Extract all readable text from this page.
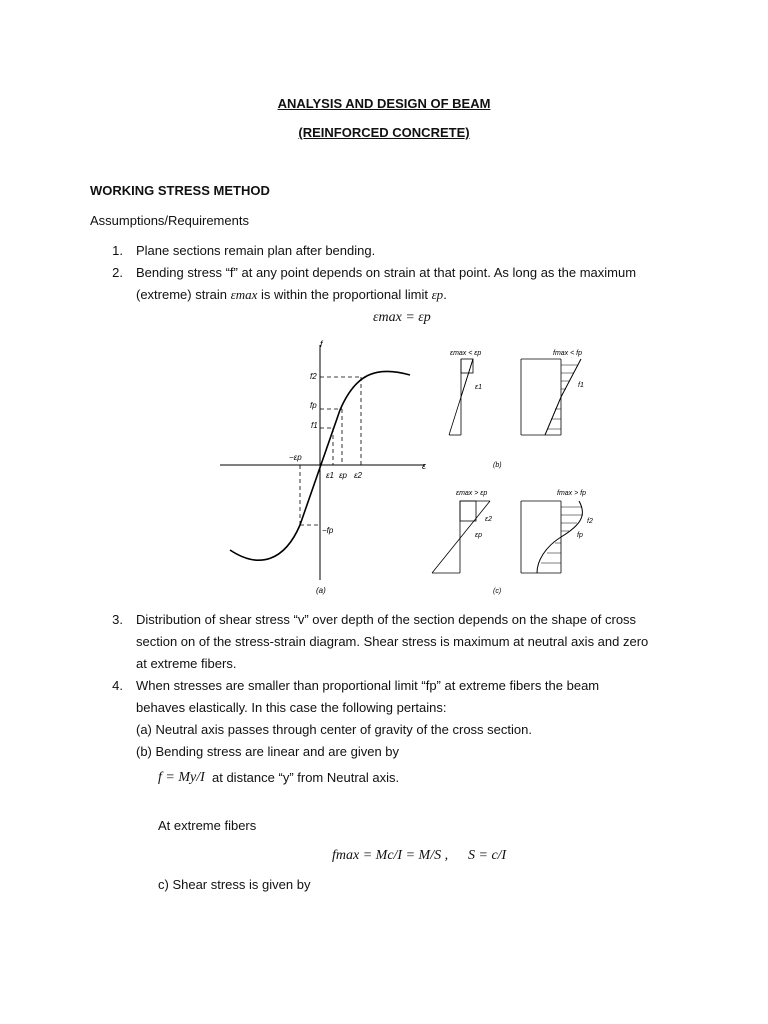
ANALYSIS AND DESIGN OF BEAM
(REINFORCED CONCRETE)
WORKING STRESS METHOD
Assumptions/Requirements
1. Plane sections remain plan after bending.
2. Bending stress “f” at any point depends on strain at that point. As long as the maximum
(extreme) strain εmax is within the proportional limit εp.
εmax = εp
f
ε
f2
fp
f1
−εp
−fp
ε1 εp ε2
(a)
εmax < εp
ε1
fmax < fp
f1
(b)
εmax > εp
ε2
εp
fmax > fp
f2
fp
(c)
3. Distribution of shear stress “v” over depth of the section depends on the shape of cross
section on of the stress-strain diagram. Shear stress is maximum at neutral axis and zero
at extreme fibers.
4. When stresses are smaller than proportional limit “fp” at extreme fibers the beam
behaves elastically. In this case the following pertains:
(a) Neutral axis passes through center of gravity of the cross section.
(b) Bending stress are linear and are given by
f = My/I at distance “y” from Neutral axis.
At extreme fibers
fmax = Mc/I = M/S , S = c/I
c) Shear stress is given by
